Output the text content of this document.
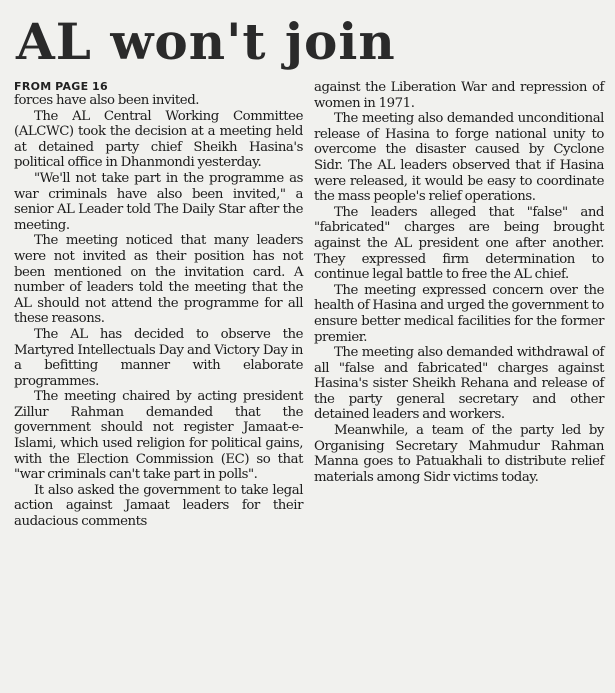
AL won't join

FROM PAGE 16

forces have also been invited.

The AL Central Working Committee (ALCWC) took the decision at a meeting held at detained party chief Sheikh Hasina's political office in Dhanmondi yesterday.

"We'll not take part in the programme as war criminals have also been invited," a senior AL Leader told The Daily Star after the meeting.

The meeting noticed that many leaders were not invited as their position has not been mentioned on the invitation card. A number of leaders told the meeting that the AL should not attend the programme for all these reasons.

The AL has decided to observe the Martyred Intellectuals Day and Victory Day in a befitting manner with elaborate programmes.

The meeting chaired by acting president Zillur Rahman demanded that the government should not register Jamaat-e-Islami, which used religion for political gains, with the Election Commission (EC) so that "war criminals can't take part in polls".

It also asked the government to take legal action against Jamaat leaders for their audacious comments

against the Liberation War and repression of women in 1971.

The meeting also demanded unconditional release of Hasina to forge national unity to overcome the disaster caused by Cyclone Sidr. The AL leaders observed that if Hasina were released, it would be easy to coordinate the mass people's relief operations.

The leaders alleged that "false" and "fabricated" charges are being brought against the AL president one after another. They expressed firm determination to continue legal battle to free the AL chief.

The meeting expressed concern over the health of Hasina and urged the government to ensure better medical facilities for the former premier.

The meeting also demanded withdrawal of all "false and fabricated" charges against Hasina's sister Sheikh Rehana and release of the party general secretary and other detained leaders and workers.

Meanwhile, a team of the party led by Organising Secretary Mahmudur Rahman Manna goes to Patuakhali to distribute relief materials among Sidr victims today.
